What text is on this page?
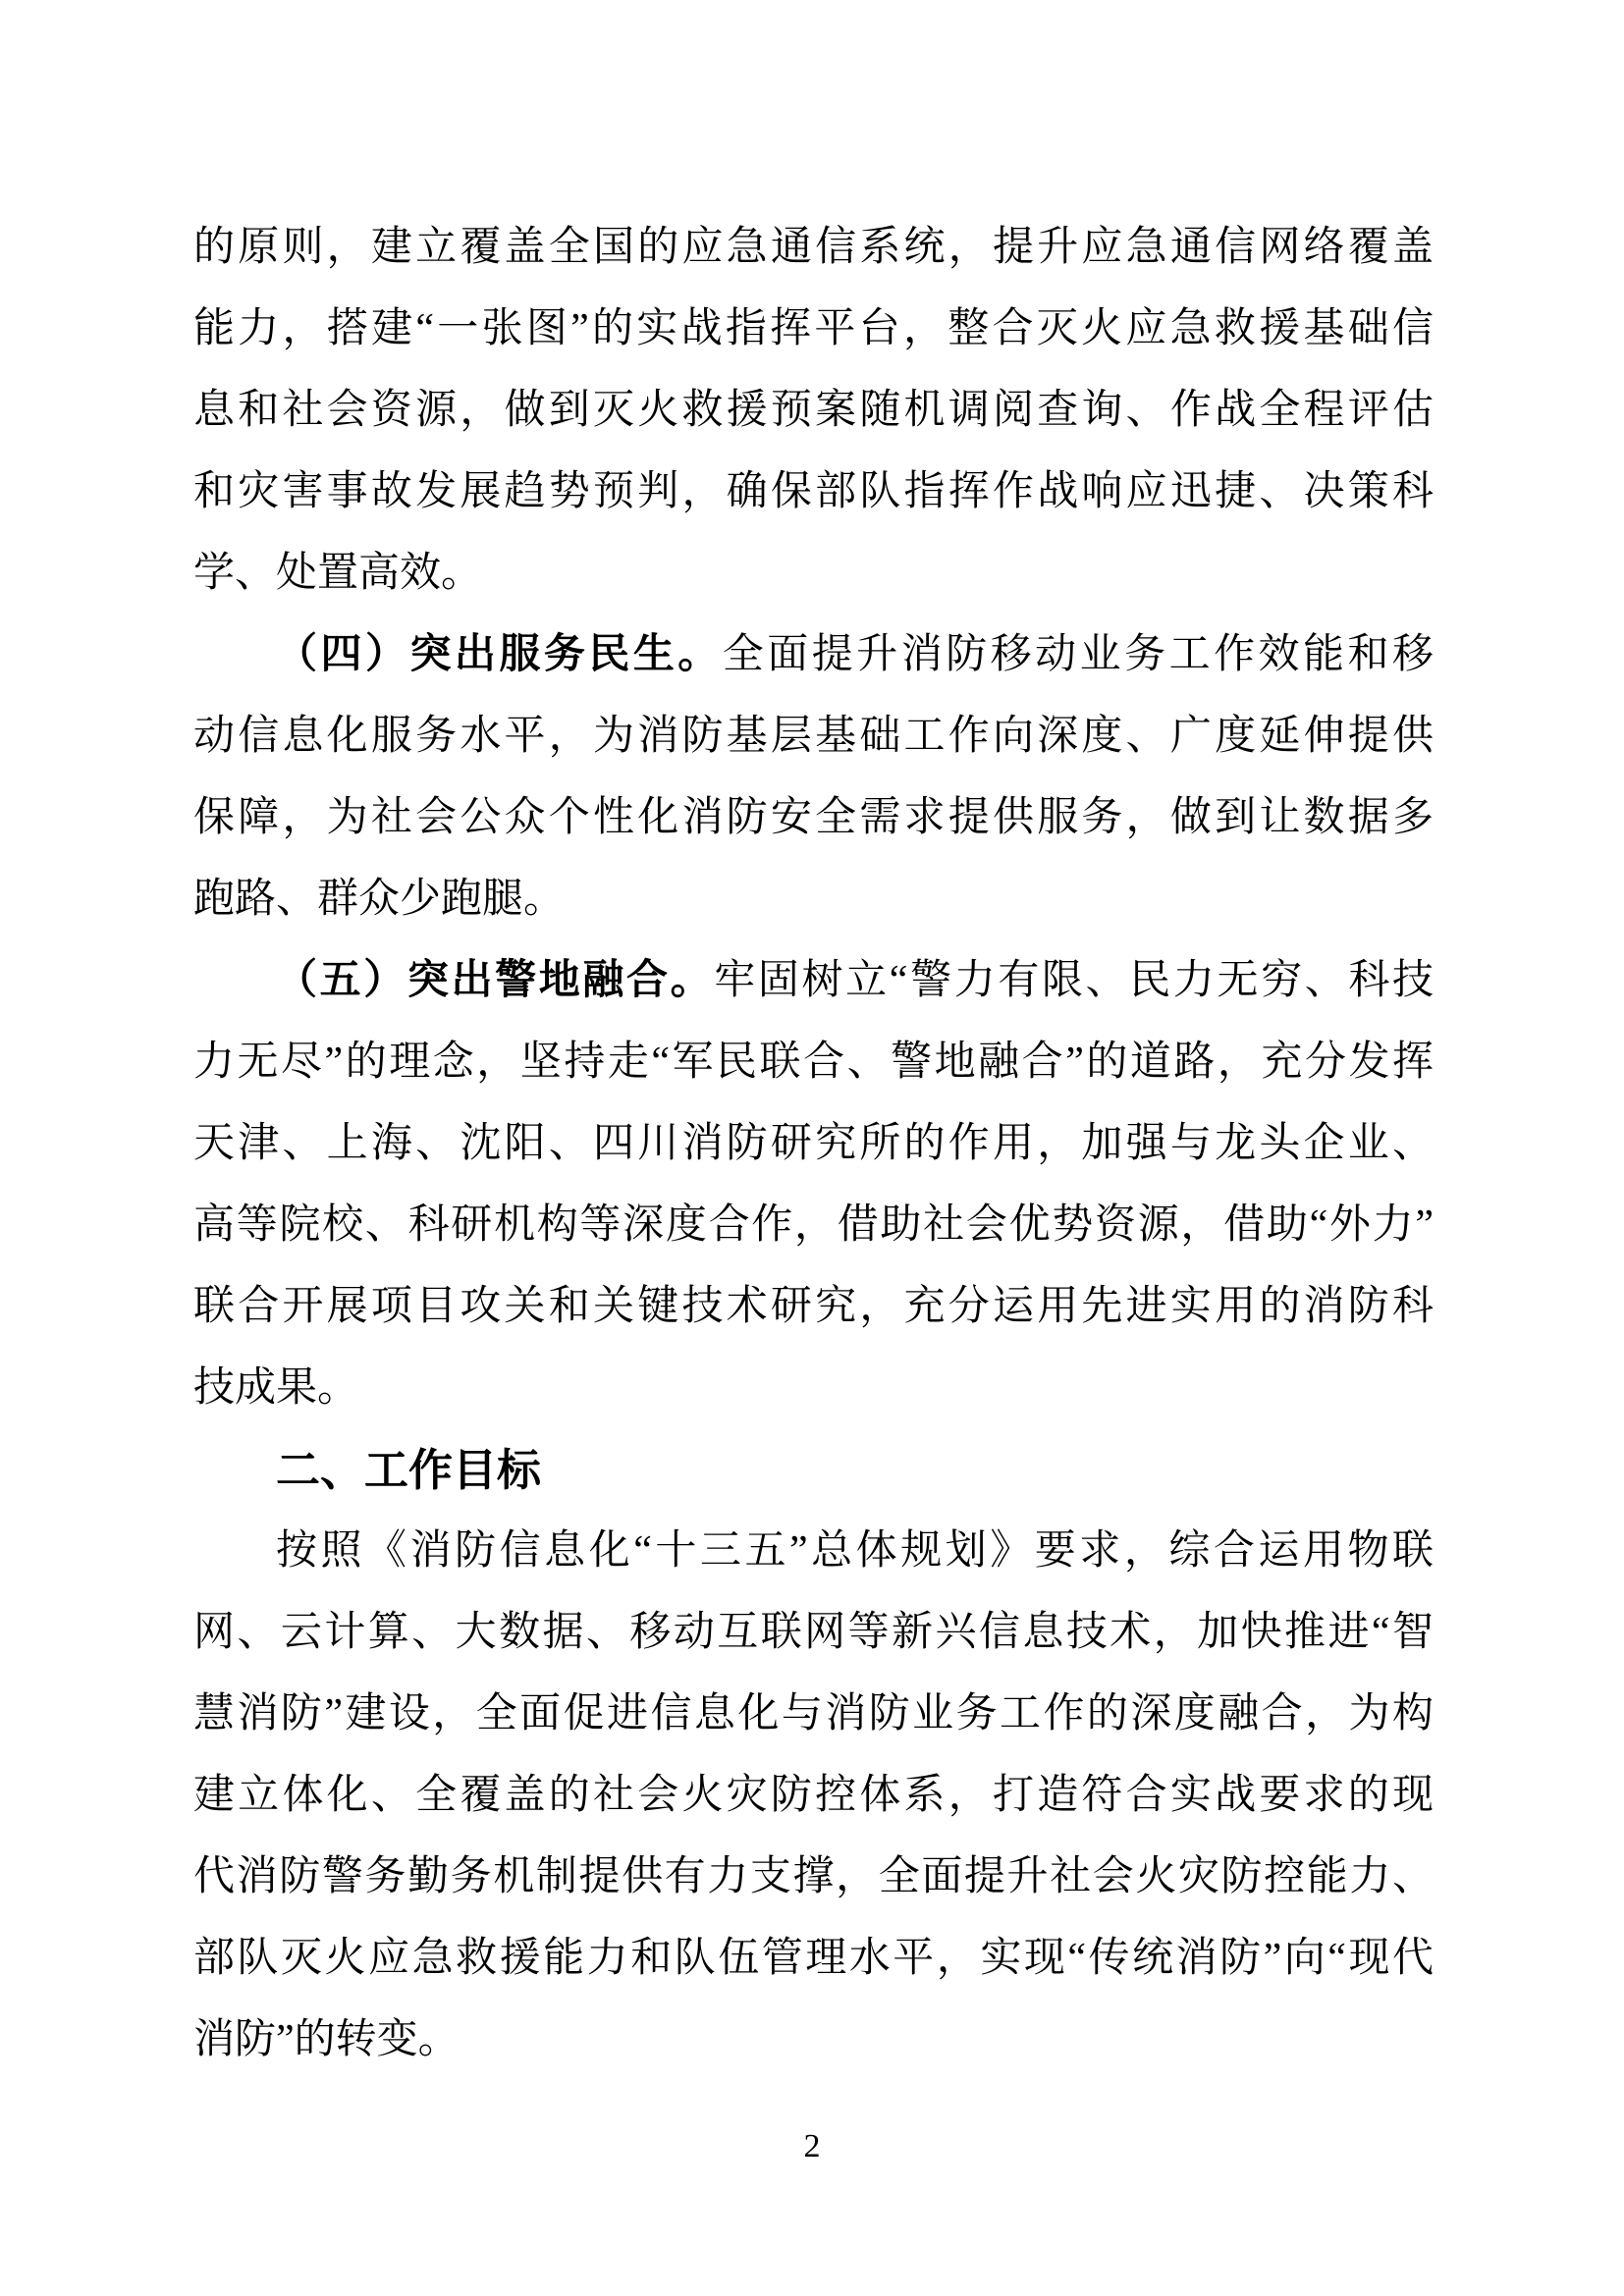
的原则，建立覆盖全国的应急通信系统，提升应急通信网络覆盖
能力，搭建“一张图”的实战指挥平台，整合灭火应急救援基础信
息和社会资源，做到灭火救援预案随机调阅查询、作战全程评估
和灾害事故发展趋势预判，确保部队指挥作战响应迅捷、决策科
学、处置高效。
（四）突出服务民生。全面提升消防移动业务工作效能和移
动信息化服务水平，为消防基层基础工作向深度、广度延伸提供
保障，为社会公众个性化消防安全需求提供服务，做到让数据多
跑路、群众少跑腿。
（五）突出警地融合。牢固树立“警力有限、民力无穷、科技
力无尽”的理念，坚持走“军民联合、警地融合”的道路，充分发挥
天津、上海、沈阳、四川消防研究所的作用，加强与龙头企业、
高等院校、科研机构等深度合作，借助社会优势资源，借助“外力”
联合开展项目攻关和关键技术研究，充分运用先进实用的消防科
技成果。
二、工作目标
按照《消防信息化“十三五”总体规划》要求，综合运用物联
网、云计算、大数据、移动互联网等新兴信息技术，加快推进“智
慧消防”建设，全面促进信息化与消防业务工作的深度融合，为构
建立体化、全覆盖的社会火灾防控体系，打造符合实战要求的现
代消防警务勤务机制提供有力支撑，全面提升社会火灾防控能力、
部队灭火应急救援能力和队伍管理水平，实现“传统消防”向“现代
消防”的转变。
2
